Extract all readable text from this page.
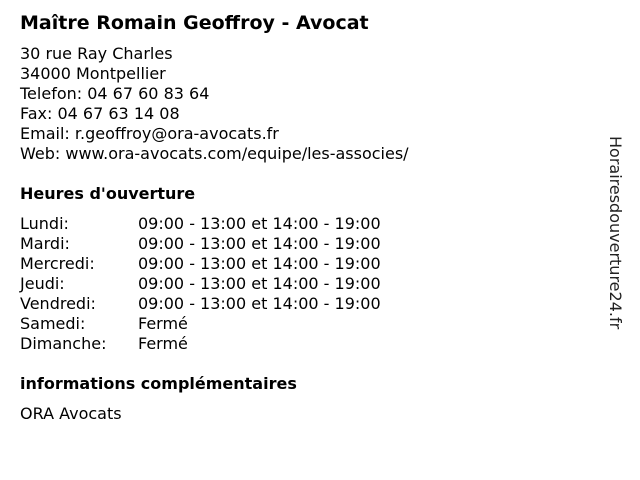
Maître Romain Geoffroy - Avocat
30 rue Ray Charles
34000 Montpellier
Telefon: 04 67 60 83 64
Fax: 04 67 63 14 08
Email: r.geoffroy@ora-avocats.fr
Web: www.ora-avocats.com/equipe/les-associes/
Heures d'ouverture
Lundi:	09:00 - 13:00 et 14:00 - 19:00
Mardi:	09:00 - 13:00 et 14:00 - 19:00
Mercredi:	09:00 - 13:00 et 14:00 - 19:00
Jeudi:	09:00 - 13:00 et 14:00 - 19:00
Vendredi:	09:00 - 13:00 et 14:00 - 19:00
Samedi:	Fermé
Dimanche:	Fermé
informations complémentaires
ORA Avocats
Horairesdouverture24.fr
